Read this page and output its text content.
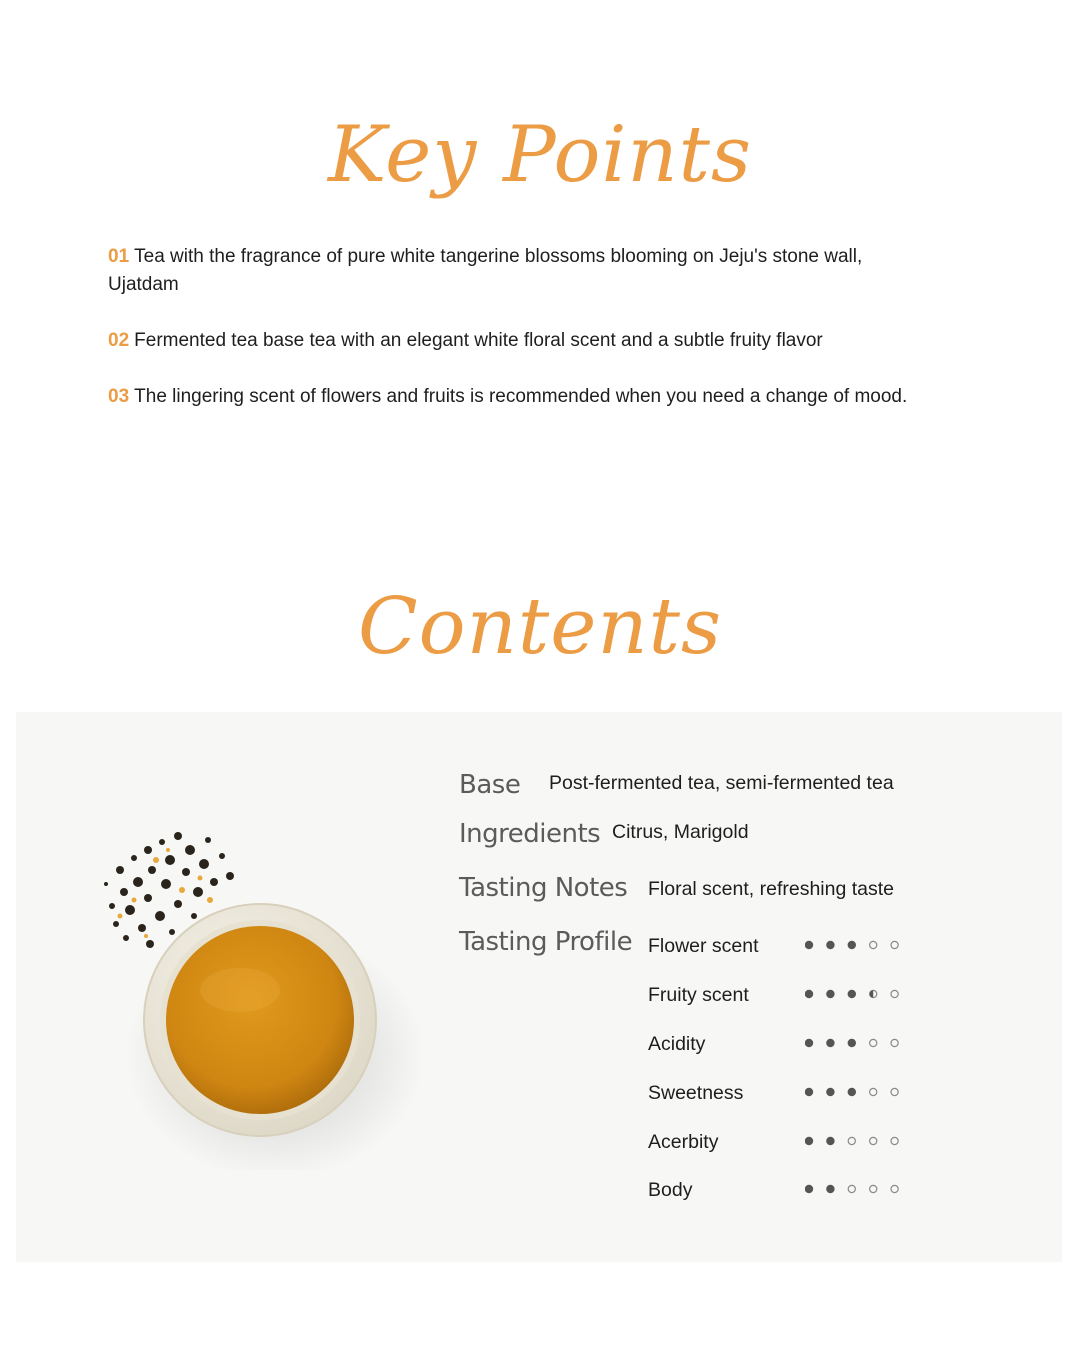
Key Points
01 Tea with the fragrance of pure white tangerine blossoms blooming on Jeju's stone wall, Ujatdam
02 Fermented tea base tea with an elegant white floral scent and a subtle fruity flavor
03 The lingering scent of flowers and fruits is recommended when you need a change of mood.
Contents
Base Post-fermented tea, semi-fermented tea
Ingredients Citrus, Marigold
Tasting Notes Floral scent, refreshing taste
Tasting Profile Flower scent
Fruity scent
Acidity
Sweetness
Acerbity
Body
